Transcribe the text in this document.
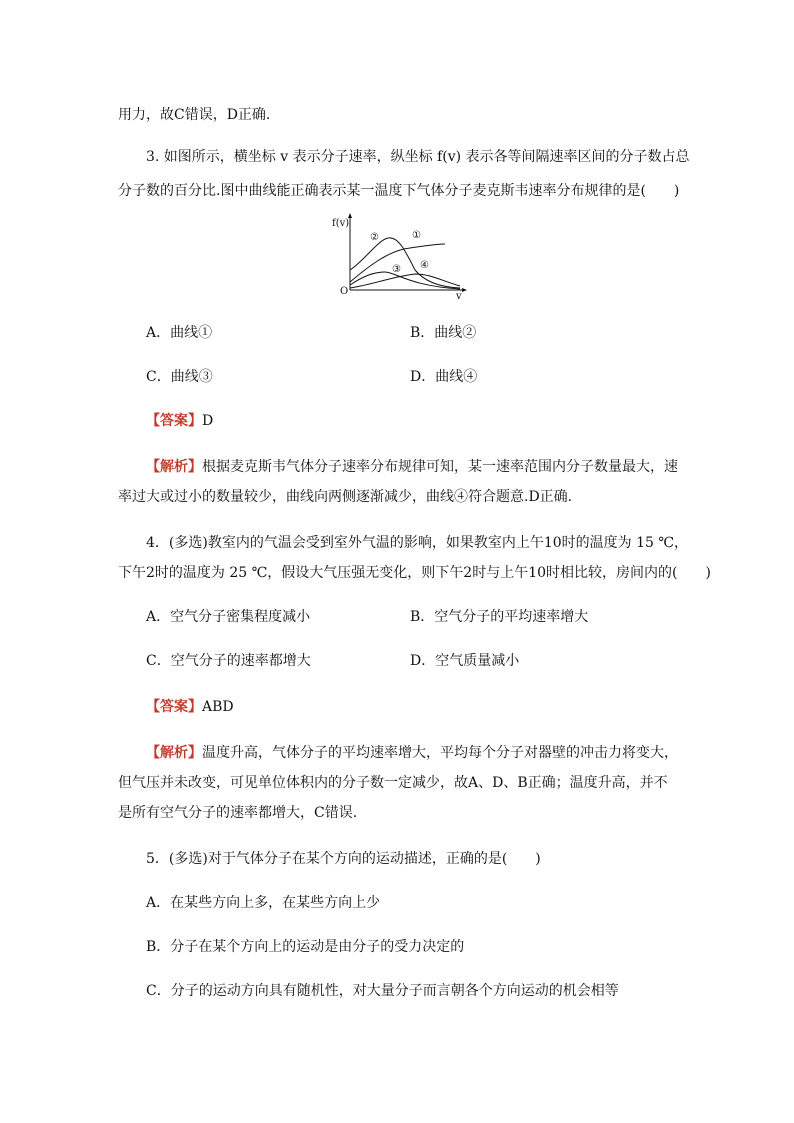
用力，故C错误，D正确.
3. 如图所示，横坐标 v 表示分子速率，纵坐标 f(v) 表示各等间隔速率区间的分子数占总
分子数的百分比.图中曲线能正确表示某一温度下气体分子麦克斯韦速率分布规律的是(　　)
f(v)
v
O
①
②
③ ④
A．曲线①	B．曲线②
C．曲线③	D．曲线④
【答案】D
【解析】根据麦克斯韦气体分子速率分布规律可知，某一速率范围内分子数量最大，速
率过大或过小的数量较少，曲线向两侧逐渐减少，曲线④符合题意.D正确.
4．(多选)教室内的气温会受到室外气温的影响，如果教室内上午10时的温度为 15 ℃，
下午2时的温度为 25 ℃，假设大气压强无变化，则下午2时与上午10时相比较，房间内的(　　)
A．空气分子密集程度减小	B．空气分子的平均速率增大
C．空气分子的速率都增大	D．空气质量减小
【答案】ABD
【解析】温度升高，气体分子的平均速率增大，平均每个分子对器壁的冲击力将变大，
但气压并未改变，可见单位体积内的分子数一定减少，故A、D、B正确；温度升高，并不
是所有空气分子的速率都增大，C错误.
5．(多选)对于气体分子在某个方向的运动描述，正确的是(　　)
A．在某些方向上多，在某些方向上少
B．分子在某个方向上的运动是由分子的受力决定的
C．分子的运动方向具有随机性，对大量分子而言朝各个方向运动的机会相等
